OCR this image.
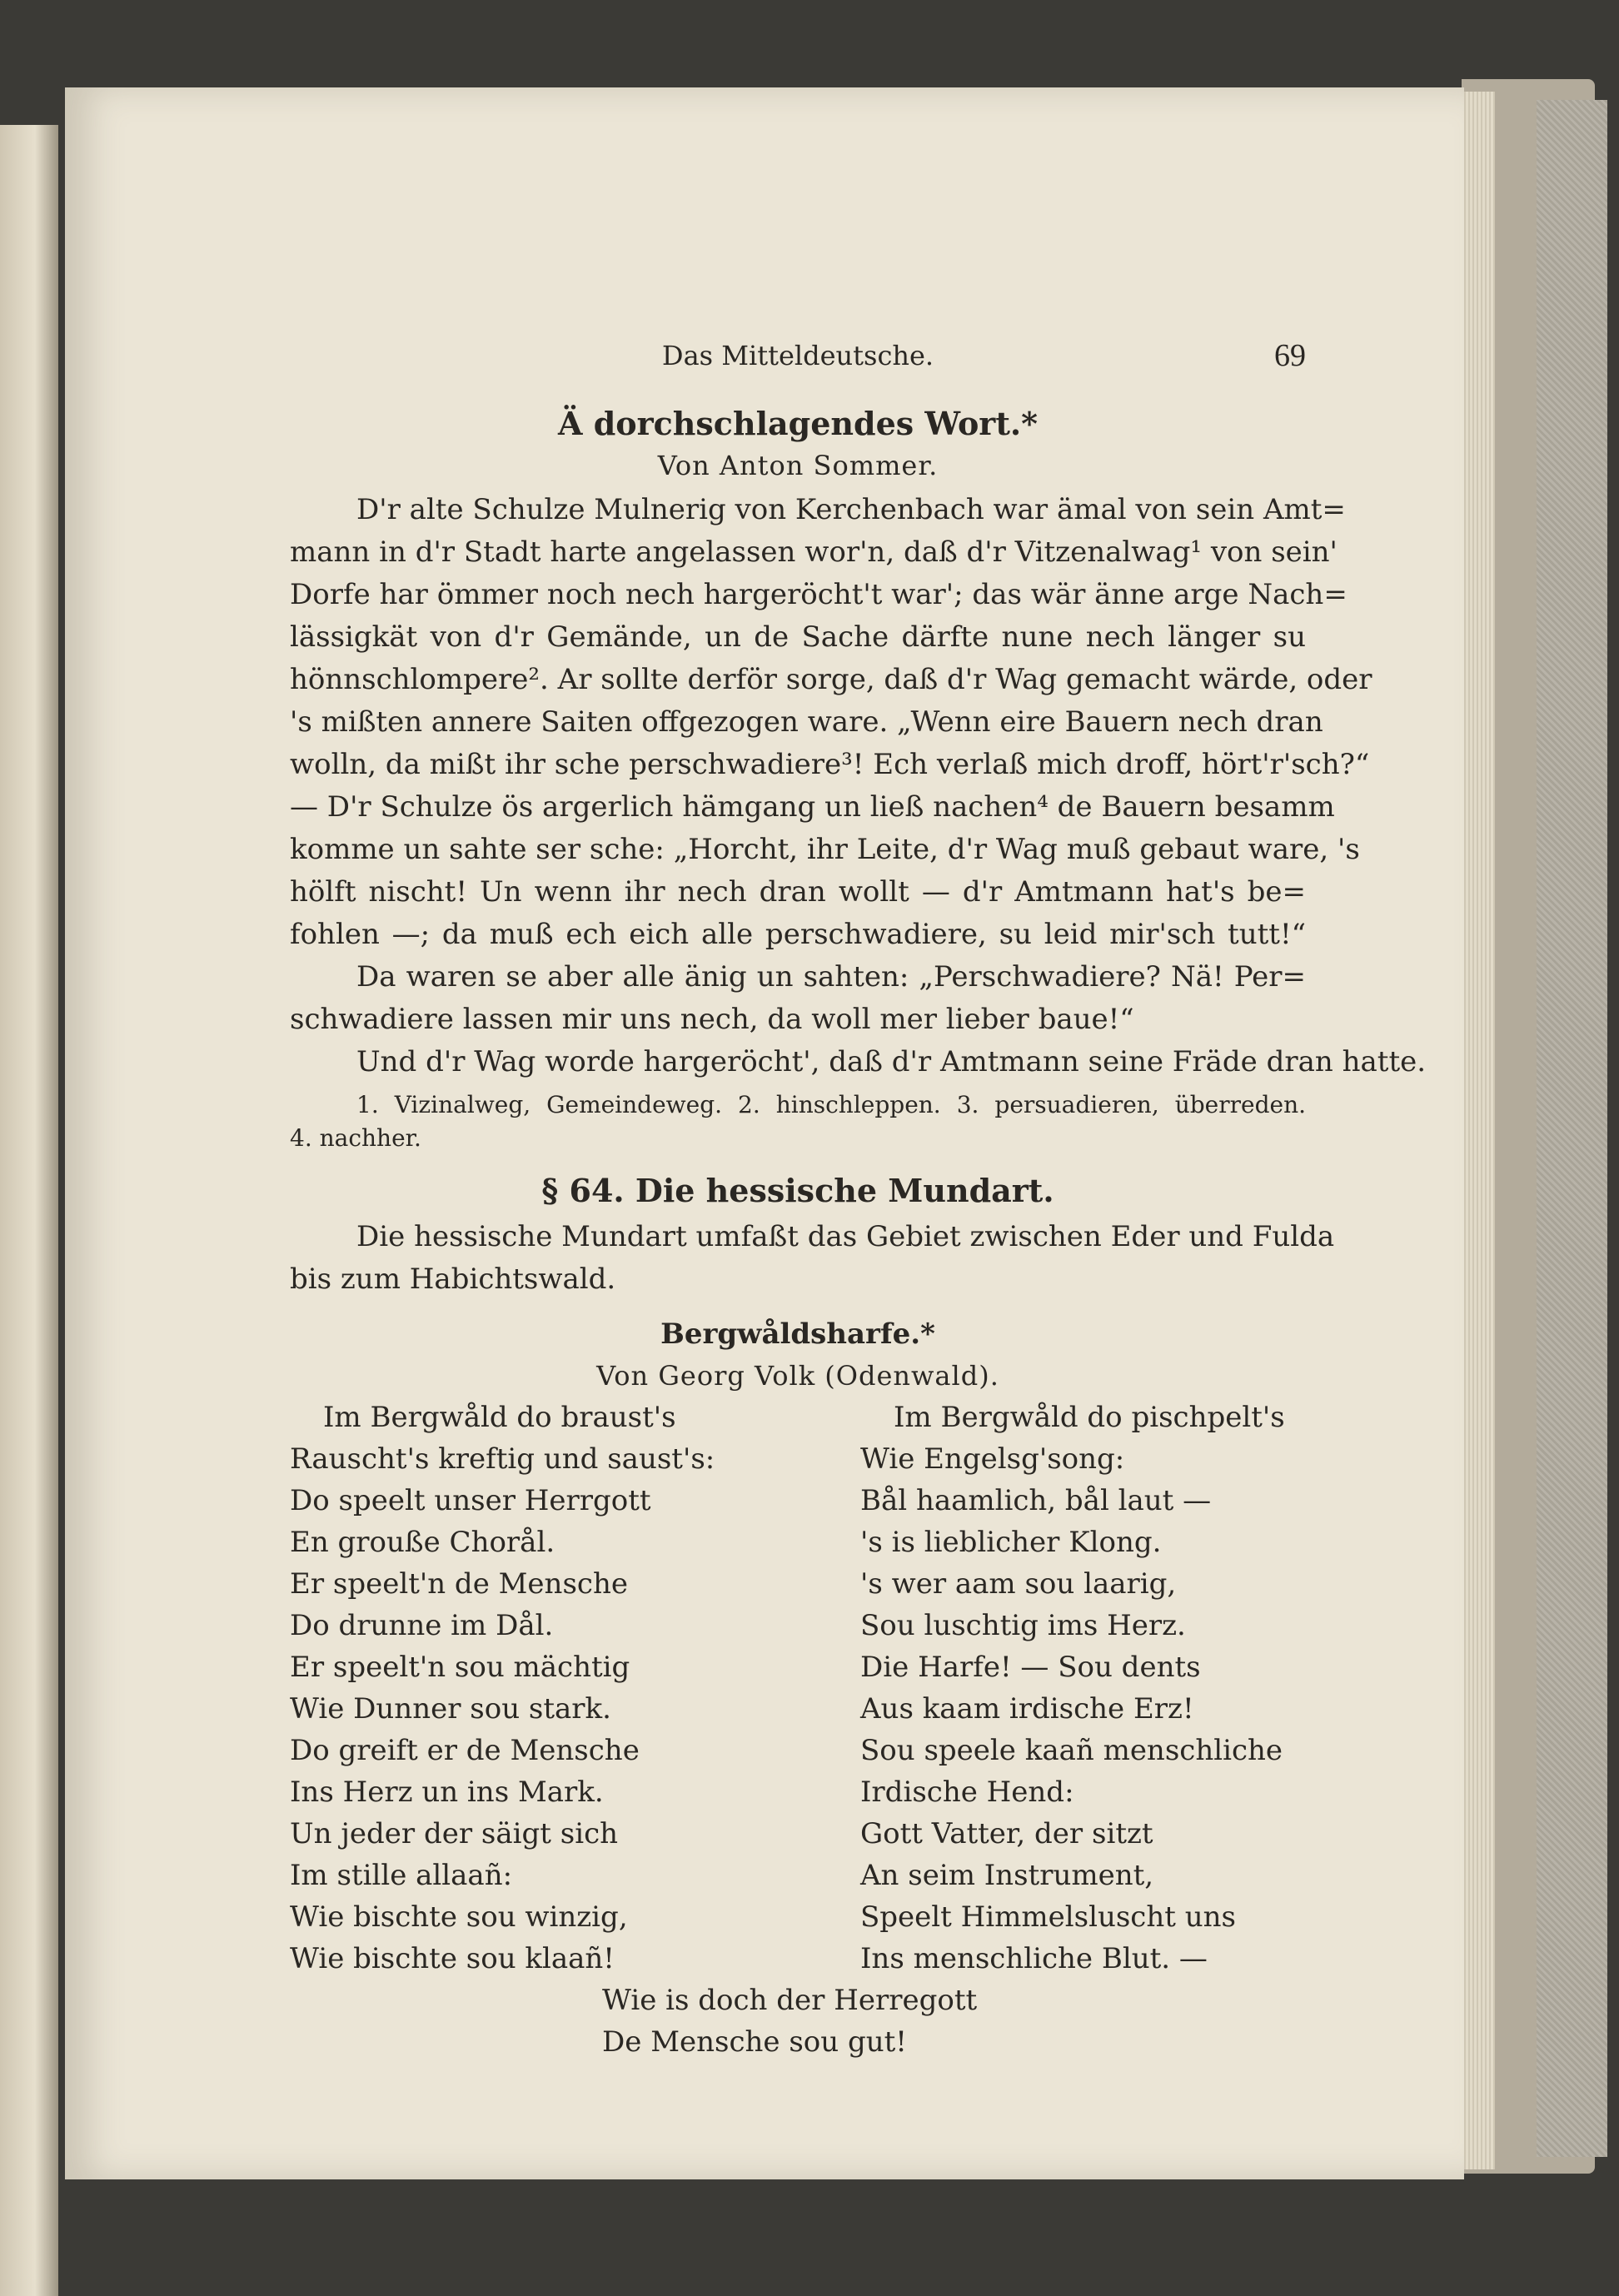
Das Mitteldeutsche.	69
Ä dorchschlagendes Wort.*
Von Anton Sommer.
D'r alte Schulze Mulnerig von Kerchenbach war ämal von sein Amt=
mann in d'r Stadt harte angelassen wor'n, daß d'r Vitzenalwag¹ von sein'
Dorfe har ömmer noch nech hargeröcht't war'; das wär änne arge Nach=
lässigkät von d'r Gemände, un de Sache därfte nune nech länger su
hönnschlompere². Ar sollte derför sorge, daß d'r Wag gemacht wärde, oder
's mißten annere Saiten offgezogen ware. „Wenn eire Bauern nech dran
wolln, da mißt ihr sche perschwadiere³! Ech verlaß mich droff, hört'r'sch?“
— D'r Schulze ös argerlich hämgang un ließ nachen⁴ de Bauern besamm
komme un sahte ser sche: „Horcht, ihr Leite, d'r Wag muß gebaut ware, 's
hölft nischt! Un wenn ihr nech dran wollt — d'r Amtmann hat's be=
fohlen —; da muß ech eich alle perschwadiere, su leid mir'sch tutt!“
Da waren se aber alle änig un sahten: „Perschwadiere? Nä! Per=
schwadiere lassen mir uns nech, da woll mer lieber baue!“
Und d'r Wag worde hargeröcht', daß d'r Amtmann seine Fräde dran hatte.
1. Vizinalweg, Gemeindeweg. 2. hinschleppen. 3. persuadieren, überreden.
4. nachher.
§ 64. Die hessische Mundart.
Die hessische Mundart umfaßt das Gebiet zwischen Eder und Fulda
bis zum Habichtswald.
Bergwåldsharfe.*
Von Georg Volk (Odenwald).
Im Bergwåld do braust's
Rauscht's kreftig und saust's:
Do speelt unser Herrgott
En groußе Chorål.
Er speelt'n de Mensche
Do drunne im Dål.
Er speelt'n sou mächtig
Wie Dunner sou stark.
Do greift er de Mensche
Ins Herz un ins Mark.
Un jeder der säigt sich
Im stille allaañ:
Wie bischte sou winzig,
Wie bischte sou klaañ!
Im Bergwåld do pischpelt's
Wie Engelsg'song:
Bål haamlich, bål laut —
's is lieblicher Klong.
's wer aam sou laarig,
Sou luschtig ims Herz.
Die Harfe! — Sou dents
Aus kaam irdische Erz!
Sou speele kaañ menschliche
Irdische Hend:
Gott Vatter, der sitzt
An seim Instrument,
Speelt Himmelsluscht uns
Ins menschliche Blut. —
Wie is doch der Herregott
De Mensche sou gut!
